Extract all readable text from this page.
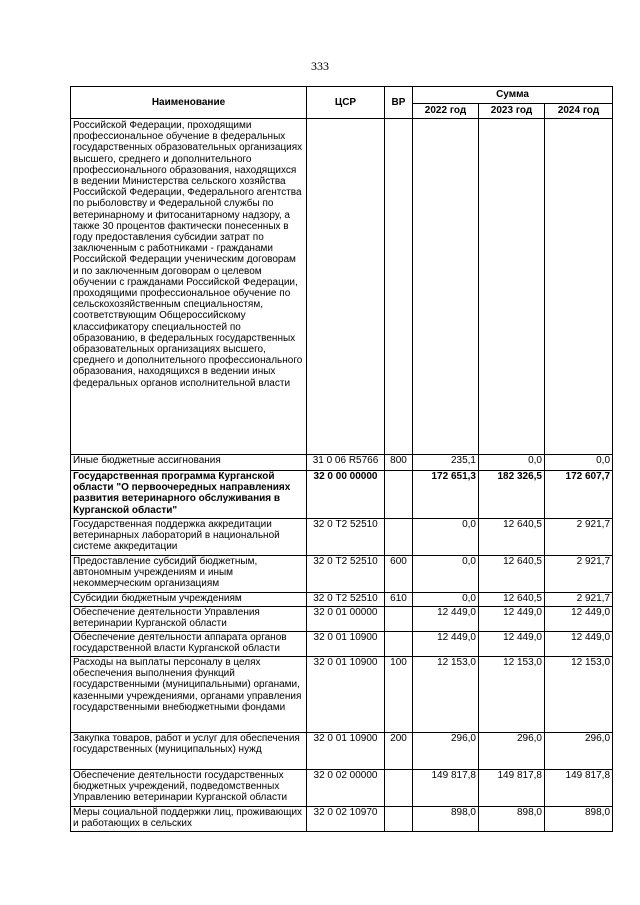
333
Наименование	ЦСР	ВР	Сумма		
			2022 год	2023 год	2024 год
Российской Федерации, проходящими профессиональное обучение в федеральных государственных образовательных организациях высшего, среднего и дополнительного профессионального образования, находящихся в ведении Министерства сельского хозяйства Российской Федерации, Федерального агентства по рыболовству и Федеральной службы по ветеринарному и фитосанитарному надзору, а также 30 процентов фактически понесенных в году предоставления субсидии затрат по заключенным с работниками - гражданами Российской Федерации ученическим договорам и по заключенным договорам о целевом обучении с гражданами Российской Федерации, проходящими профессиональное обучение по сельскохозяйственным специальностям, соответствующим Общероссийскому классификатору специальностей по образованию, в федеральных государственных образовательных организациях высшего, среднего и дополнительного профессионального образования, находящихся в ведении иных федеральных органов исполнительной власти					
Иные бюджетные ассигнования	31 0 06 R5766	800	235,1	0,0	0,0
Государственная программа Курганской области "О первоочередных направлениях развития ветеринарного обслуживания в Курганской области"	32 0 00 00000		172 651,3	182 326,5	172 607,7
Государственная поддержка аккредитации ветеринарных лабораторий в национальной системе аккредитации	32 0 Т2 52510		0,0	12 640,5	2 921,7
Предоставление субсидий бюджетным, автономным учреждениям и иным некоммерческим организациям	32 0 Т2 52510	600	0,0	12 640,5	2 921,7
Субсидии бюджетным учреждениям	32 0 Т2 52510	610	0,0	12 640,5	2 921,7
Обеспечение деятельности Управления ветеринарии Курганской области	32 0 01 00000		12 449,0	12 449,0	12 449,0
Обеспечение деятельности аппарата органов государственной власти Курганской области	32 0 01 10900		12 449,0	12 449,0	12 449,0
Расходы на выплаты персоналу в целях обеспечения выполнения функций государственными (муниципальными) органами, казенными учреждениями, органами управления государственными внебюджетными фондами	32 0 01 10900	100	12 153,0	12 153,0	12 153,0
Закупка товаров, работ и услуг для обеспечения государственных (муниципальных) нужд	32 0 01 10900	200	296,0	296,0	296,0
Обеспечение деятельности государственных бюджетных учреждений, подведомственных Управлению ветеринарии Курганской области	32 0 02 00000		149 817,8	149 817,8	149 817,8
Меры социальной поддержки лиц, проживающих и работающих в сельских	32 0 02 10970		898,0	898,0	898,0
